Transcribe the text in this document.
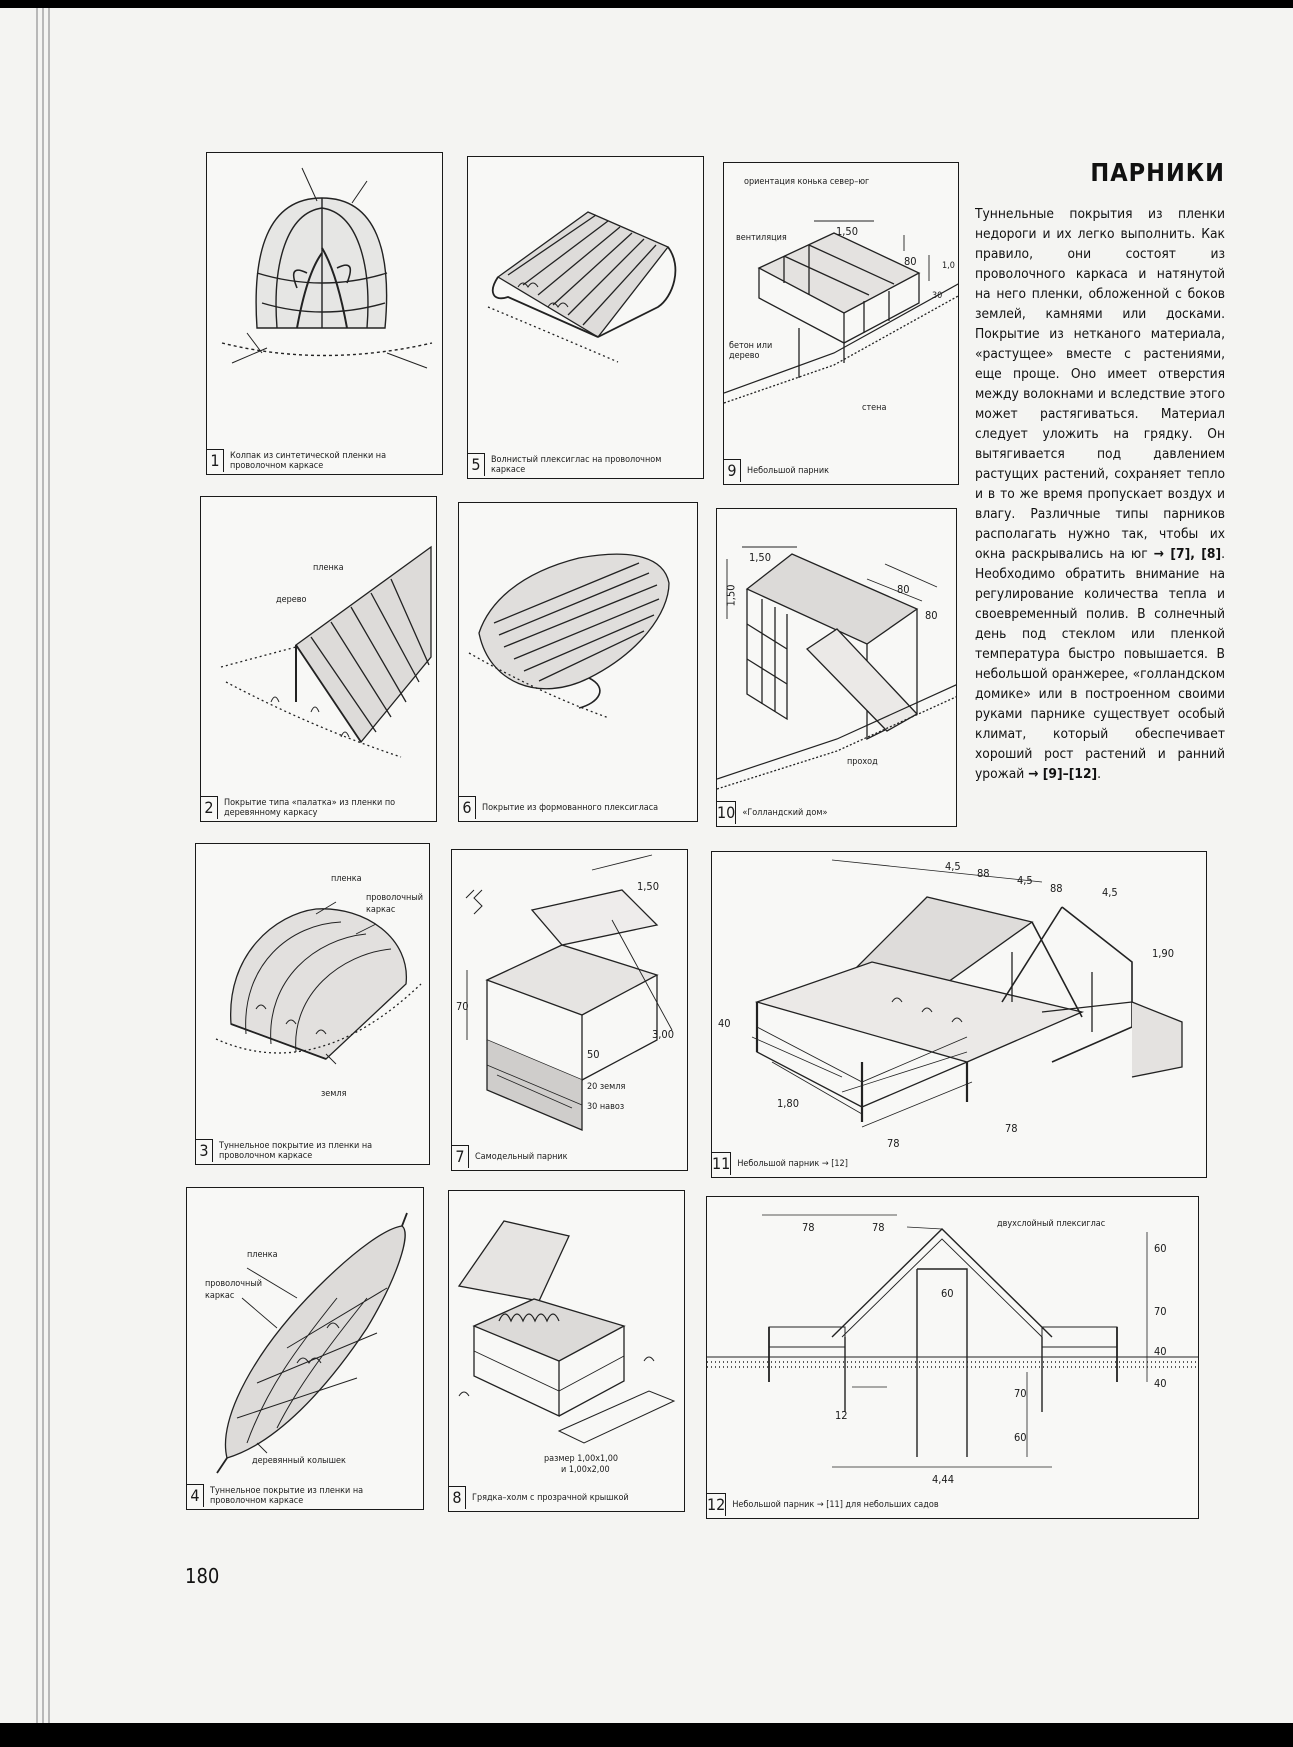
1	Колпак из синтетической пленки на проволочном каркасе	5	Волнистый плексиглас на проволочном каркасе
ориентация конька север–юг
вентиляция	1,50
80	1,0
30
бетон или дерево
стена
9	Небольшой парник
пленка
дерево
2	Покрытие типа «палатка» из пленки по деревянному каркасу	6	Покрытие из формованного плексигласа
1,50
1,50	80
80
проход
10 «Голландский дом»
пленка
проволочный каркас
земля
3	Туннельное покрытие из пленки на проволочном каркасе
1,50
70
3,00
50
20 земля
30 навоз
7	Самодельный парник
4,5
88
4,5
88	4,5
1,90
40
1,80
78
78
11 Небольшой парник → [12]
пленка
проволочный каркас
деревянный колышек
4	Туннельное покрытие из пленки на проволочном каркасе
размер 1,00х1,00
и 1,00х2,00
8	Грядка–холм с прозрачной крышкой
78	78	двухслойный плексиглас
60
60
70
40
40
70
12
60
4,44
12 Небольшой парник → [11] для небольших садов
ПАРНИКИ
Туннельные покрытия из пленки недороги и их легко выполнить. Как правило, они состоят из проволочного каркаса и натянутой на него пленки, обложенной с боков землей, камнями или досками. Покрытие из нетканого материала, «растущее» вместе с растениями, еще проще. Оно имеет отверстия между волокнами и вследствие этого может растягиваться. Материал следует уложить на грядку. Он вытягивается под давлением растущих растений, сохраняет тепло и в то же время пропускает воздух и влагу. Различные типы парников располагать нужно так, чтобы их окна раскрывались на юг → [7], [8]. Необходимо обратить внимание на регулирование количества тепла и своевременный полив. В солнечный день под стеклом или пленкой температура быстро повышается. В небольшой оранжерее, «голландском домике» или в построенном своими руками парнике существует особый климат, который обеспечивает хороший рост растений и ранний урожай → [9]–[12].
180
